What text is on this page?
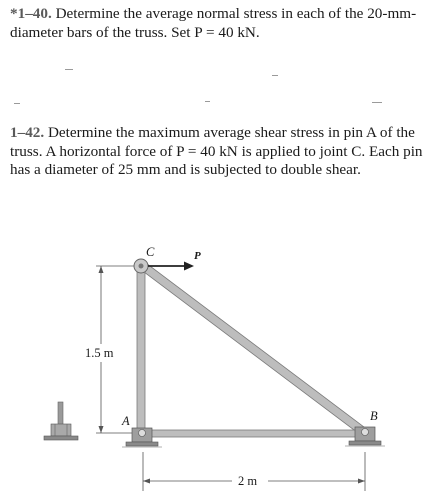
*1–40. Determine the average normal stress in each of the 20-mm-diameter bars of the truss. Set P = 40 kN.
1–42. Determine the maximum average shear stress in pin A of the truss. A horizontal force of P = 40 kN is applied to joint C. Each pin has a diameter of 25 mm and is subjected to double shear.
1.5 m
2 m
C	P
A	B
